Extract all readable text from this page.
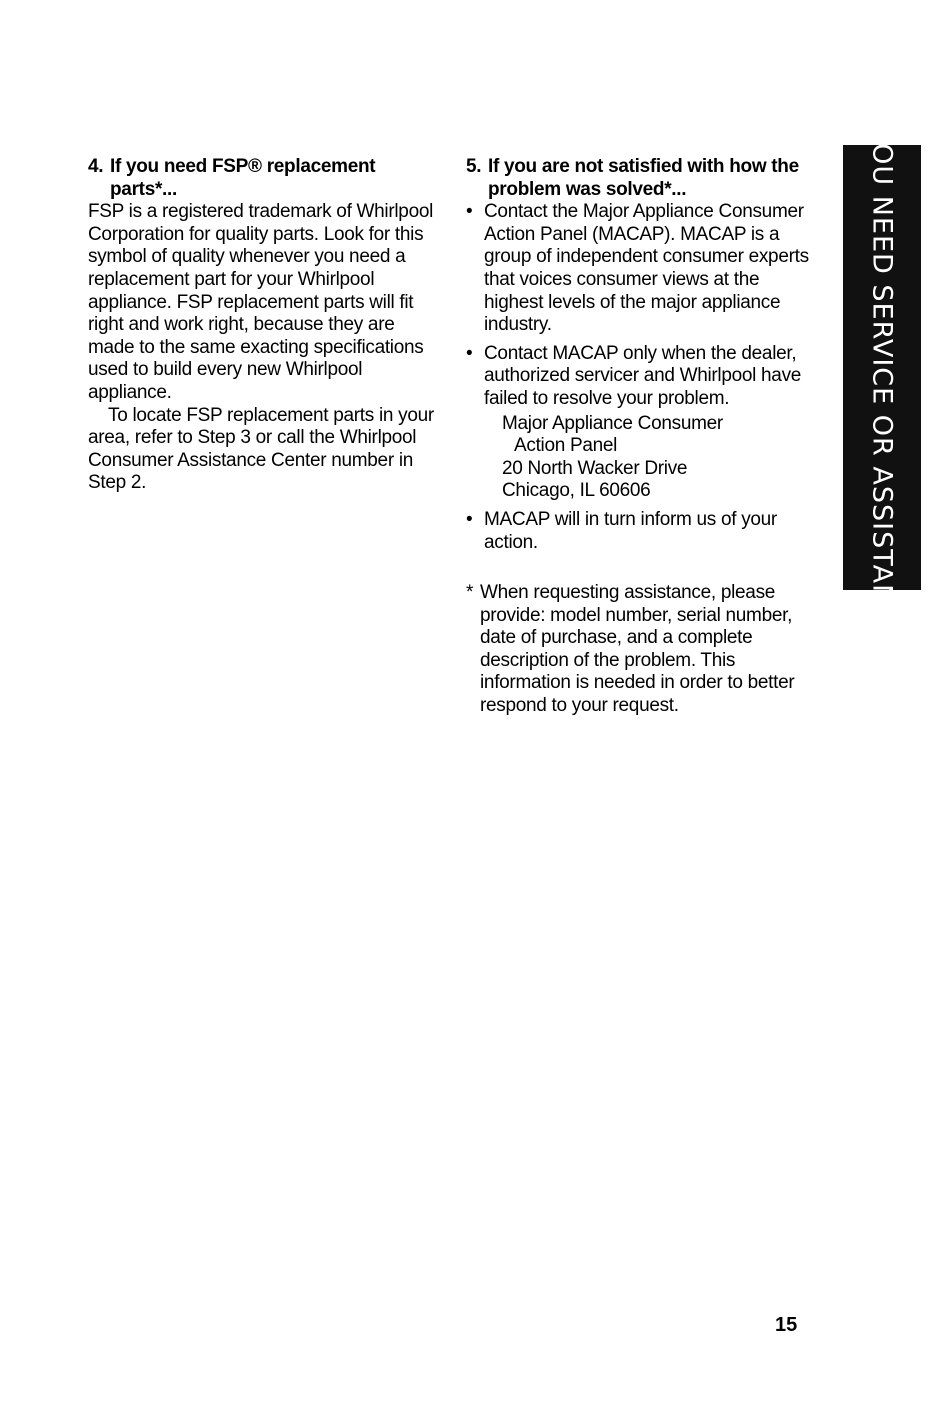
4. If you need FSP® replacement parts*...

FSP is a registered trademark of Whirlpool Corporation for quality parts. Look for this symbol of quality whenever you need a replacement part for your Whirlpool appliance. FSP replacement parts will fit right and work right, because they are made to the same exacting specifications used to build every new Whirlpool appliance.

To locate FSP replacement parts in your area, refer to Step 3 or call the Whirlpool Consumer Assistance Center number in Step 2.

5. If you are not satisfied with how the problem was solved*...
• Contact the Major Appliance Consumer Action Panel (MACAP). MACAP is a group of independent consumer experts that voices consumer views at the highest levels of the major appliance industry.
• Contact MACAP only when the dealer, authorized servicer and Whirlpool have failed to resolve your problem.
Major Appliance Consumer
Action Panel
20 North Wacker Drive
Chicago, IL 60606
• MACAP will in turn inform us of your action.
* When requesting assistance, please provide: model number, serial number, date of purchase, and a complete description of the problem. This information is needed in order to better respond to your request.
IF YOU NEED SERVICE OR ASSISTANCE
15
